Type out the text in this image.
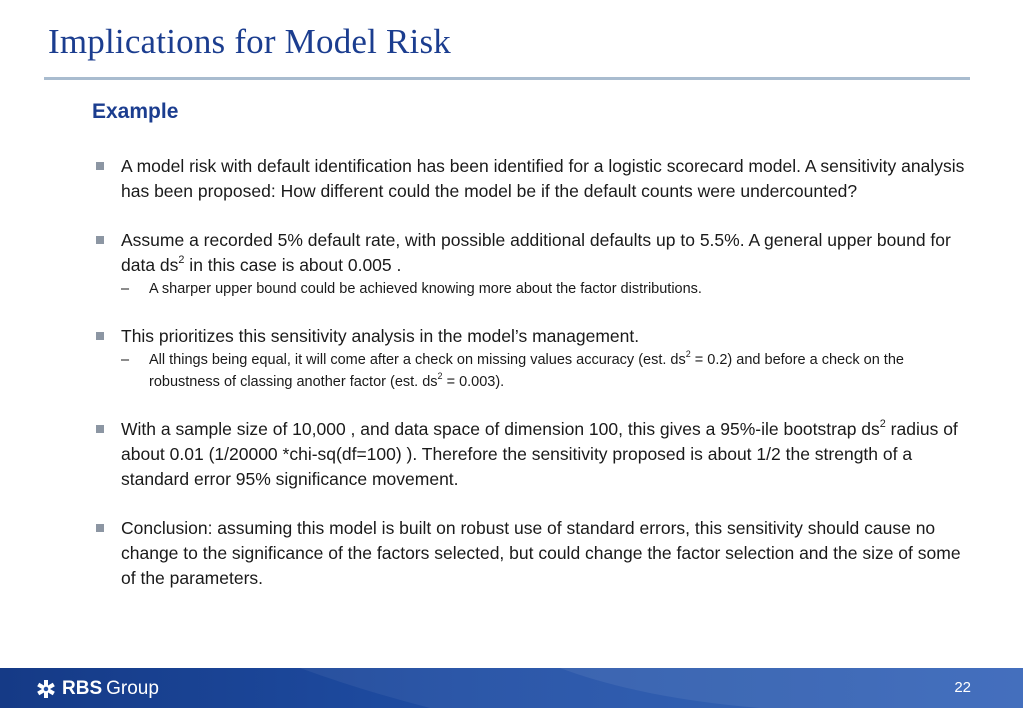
Implications for Model Risk
Example
A model risk with default identification has been identified for a logistic scorecard model. A sensitivity analysis has been proposed: How different could the model be if the default counts were undercounted?
Assume a recorded 5% default rate, with possible additional defaults up to 5.5%. A general upper bound for data $ds^2$ in this case is about 0.005 .
– A sharper upper bound could be achieved knowing more about the factor distributions.
This prioritizes this sensitivity analysis in the model’s management.
– All things being equal, it will come after a check on missing values accuracy (est. $ds^2 = 0.2$) and before a check on the robustness of classing another factor (est. $ds^2 = 0.003$).
With a sample size of 10,000 , and data space of dimension 100, this gives a 95%-ile bootstrap $ds^2$ radius of about 0.01 (1/20000 *chi-sq(df=100) ). Therefore the sensitivity proposed is about 1/2 the strength of a standard error 95% significance movement.
Conclusion: assuming this model is built on robust use of standard errors, this sensitivity should cause no change to the significance of the factors selected, but could change the factor selection and the size of some of the parameters.
RBS Group	22
